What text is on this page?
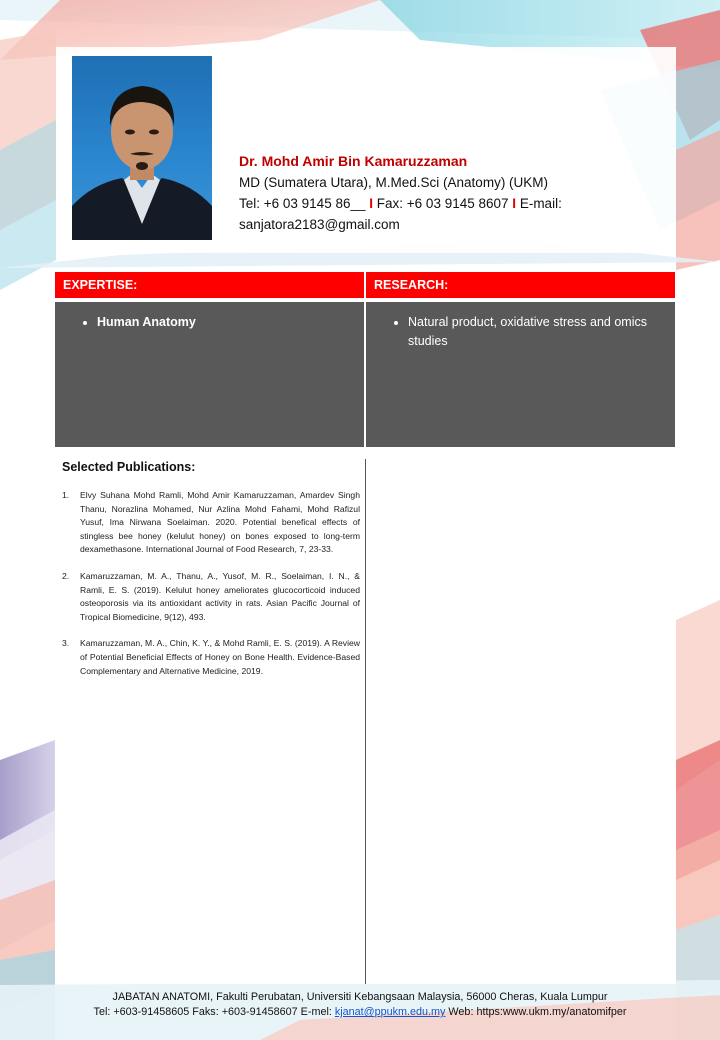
Dr. Mohd Amir Bin Kamaruzzaman
MD (Sumatera Utara), M.Med.Sci (Anatomy) (UKM)
Tel: +6 03 9145 86__ I Fax: +6 03 9145 8607 I E-mail:
sanjatora2183@gmail.com
EXPERTISE:	RESEARCH:
• Human Anatomy
•	Natural product, oxidative stress and omics studies
Selected Publications:
1. Elvy Suhana Mohd Ramli, Mohd Amir Kamaruzzaman, Amardev Singh Thanu, Norazlina Mohamed, Nur Azlina Mohd Fahami, Mohd Rafizul Yusuf, Ima Nirwana Soelaiman. 2020. Potential benefical effects of stingless bee honey (kelulut honey) on bones exposed to long-term dexamethasone. International Journal of Food Research, 7, 23-33.
2. Kamaruzzaman, M. A., Thanu, A., Yusof, M. R., Soelaiman, I. N., & Ramli, E. S. (2019). Kelulut honey ameliorates glucocorticoid induced osteoporosis via its antioxidant activity in rats. Asian Pacific Journal of Tropical Biomedicine, 9(12), 493.
3. Kamaruzzaman, M. A., Chin, K. Y., & Mohd Ramli, E. S. (2019). A Review of Potential Beneficial Effects of Honey on Bone Health. Evidence-Based Complementary and Alternative Medicine, 2019.
JABATAN ANATOMI, Fakulti Perubatan, Universiti Kebangsaan Malaysia, 56000 Cheras, Kuala Lumpur
Tel: +603-91458605 Faks: +603-91458607 E-mel: kjanat@ppukm.edu.my Web: https:www.ukm.my/anatomifper
